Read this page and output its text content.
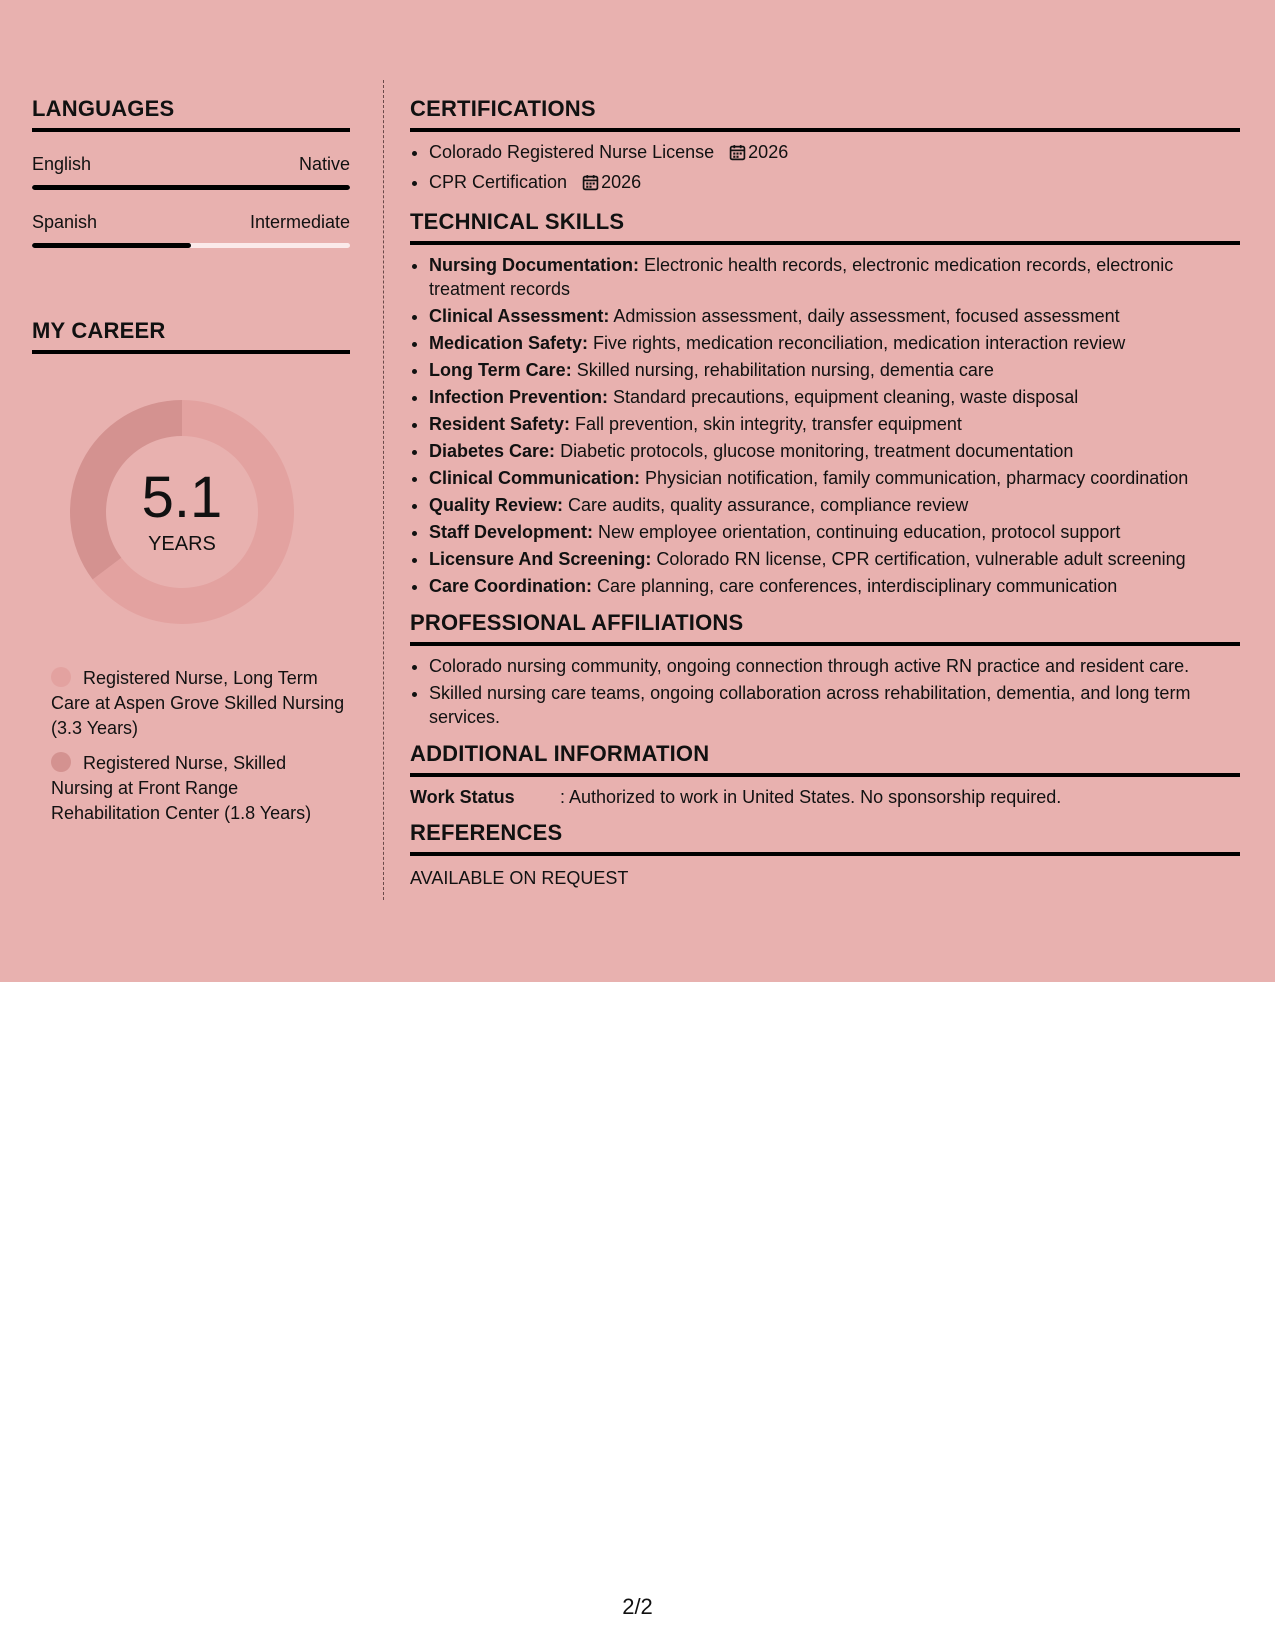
LANGUAGES
English	Native
Spanish	Intermediate
MY CAREER
5.1
YEARS
Registered Nurse, Long Term Care at Aspen Grove Skilled Nursing (3.3 Years)
Registered Nurse, Skilled Nursing at Front Range Rehabilitation Center (1.8 Years)
CERTIFICATIONS
• Colorado Registered Nurse License 2026
• CPR Certification 2026
TECHNICAL SKILLS
• Nursing Documentation: Electronic health records, electronic medication records, electronic treatment records
• Clinical Assessment: Admission assessment, daily assessment, focused assessment
• Medication Safety: Five rights, medication reconciliation, medication interaction review
• Long Term Care: Skilled nursing, rehabilitation nursing, dementia care
• Infection Prevention: Standard precautions, equipment cleaning, waste disposal
• Resident Safety: Fall prevention, skin integrity, transfer equipment
• Diabetes Care: Diabetic protocols, glucose monitoring, treatment documentation
• Clinical Communication: Physician notification, family communication, pharmacy coordination
• Quality Review: Care audits, quality assurance, compliance review
• Staff Development: New employee orientation, continuing education, protocol support
• Licensure And Screening: Colorado RN license, CPR certification, vulnerable adult screening
• Care Coordination: Care planning, care conferences, interdisciplinary communication
PROFESSIONAL AFFILIATIONS
• Colorado nursing community, ongoing connection through active RN practice and resident care.
• Skilled nursing care teams, ongoing collaboration across rehabilitation, dementia, and long term services.
ADDITIONAL INFORMATION
Work Status	: Authorized to work in United States. No sponsorship required.
REFERENCES
AVAILABLE ON REQUEST
2/2
